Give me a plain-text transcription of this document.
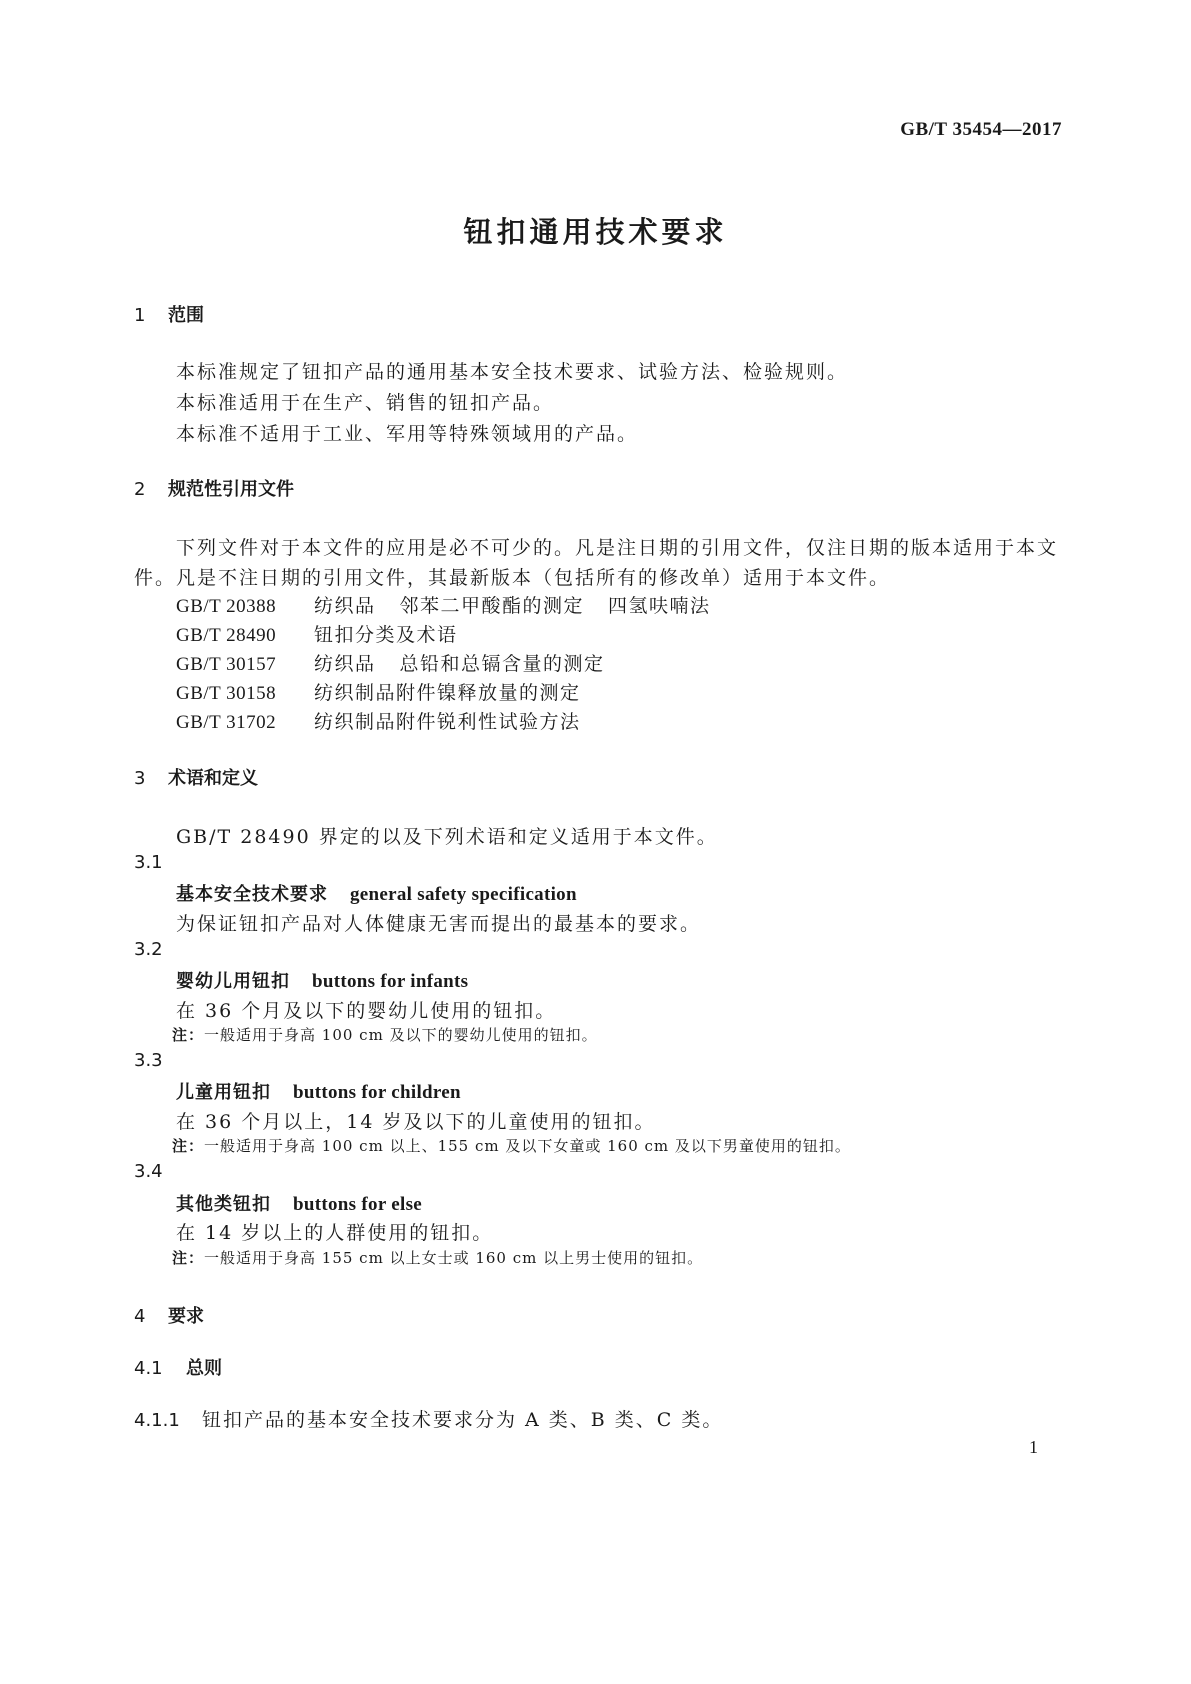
GB/T 35454—2017
钮扣通用技术要求
1 范围
本标准规定了钮扣产品的通用基本安全技术要求、试验方法、检验规则。
本标准适用于在生产、销售的钮扣产品。
本标准不适用于工业、军用等特殊领域用的产品。
2 规范性引用文件
下列文件对于本文件的应用是必不可少的。凡是注日期的引用文件，仅注日期的版本适用于本文
件。凡是不注日期的引用文件，其最新版本（包括所有的修改单）适用于本文件。
GB/T 20388 纺织品 邻苯二甲酸酯的测定 四氢呋喃法
GB/T 28490 钮扣分类及术语
GB/T 30157 纺织品 总铅和总镉含量的测定
GB/T 30158 纺织制品附件镍释放量的测定
GB/T 31702 纺织制品附件锐利性试验方法
3 术语和定义
GB/T 28490 界定的以及下列术语和定义适用于本文件。
3.1
基本安全技术要求 general safety specification
为保证钮扣产品对人体健康无害而提出的最基本的要求。
3.2
婴幼儿用钮扣 buttons for infants
在 36 个月及以下的婴幼儿使用的钮扣。
注：一般适用于身高 100 cm 及以下的婴幼儿使用的钮扣。
3.3
儿童用钮扣 buttons for children
在 36 个月以上，14 岁及以下的儿童使用的钮扣。
注：一般适用于身高 100 cm 以上、155 cm 及以下女童或 160 cm 及以下男童使用的钮扣。
3.4
其他类钮扣 buttons for else
在 14 岁以上的人群使用的钮扣。
注：一般适用于身高 155 cm 以上女士或 160 cm 以上男士使用的钮扣。
4 要求
4.1 总则
4.1.1 钮扣产品的基本安全技术要求分为 A 类、B 类、C 类。
1
